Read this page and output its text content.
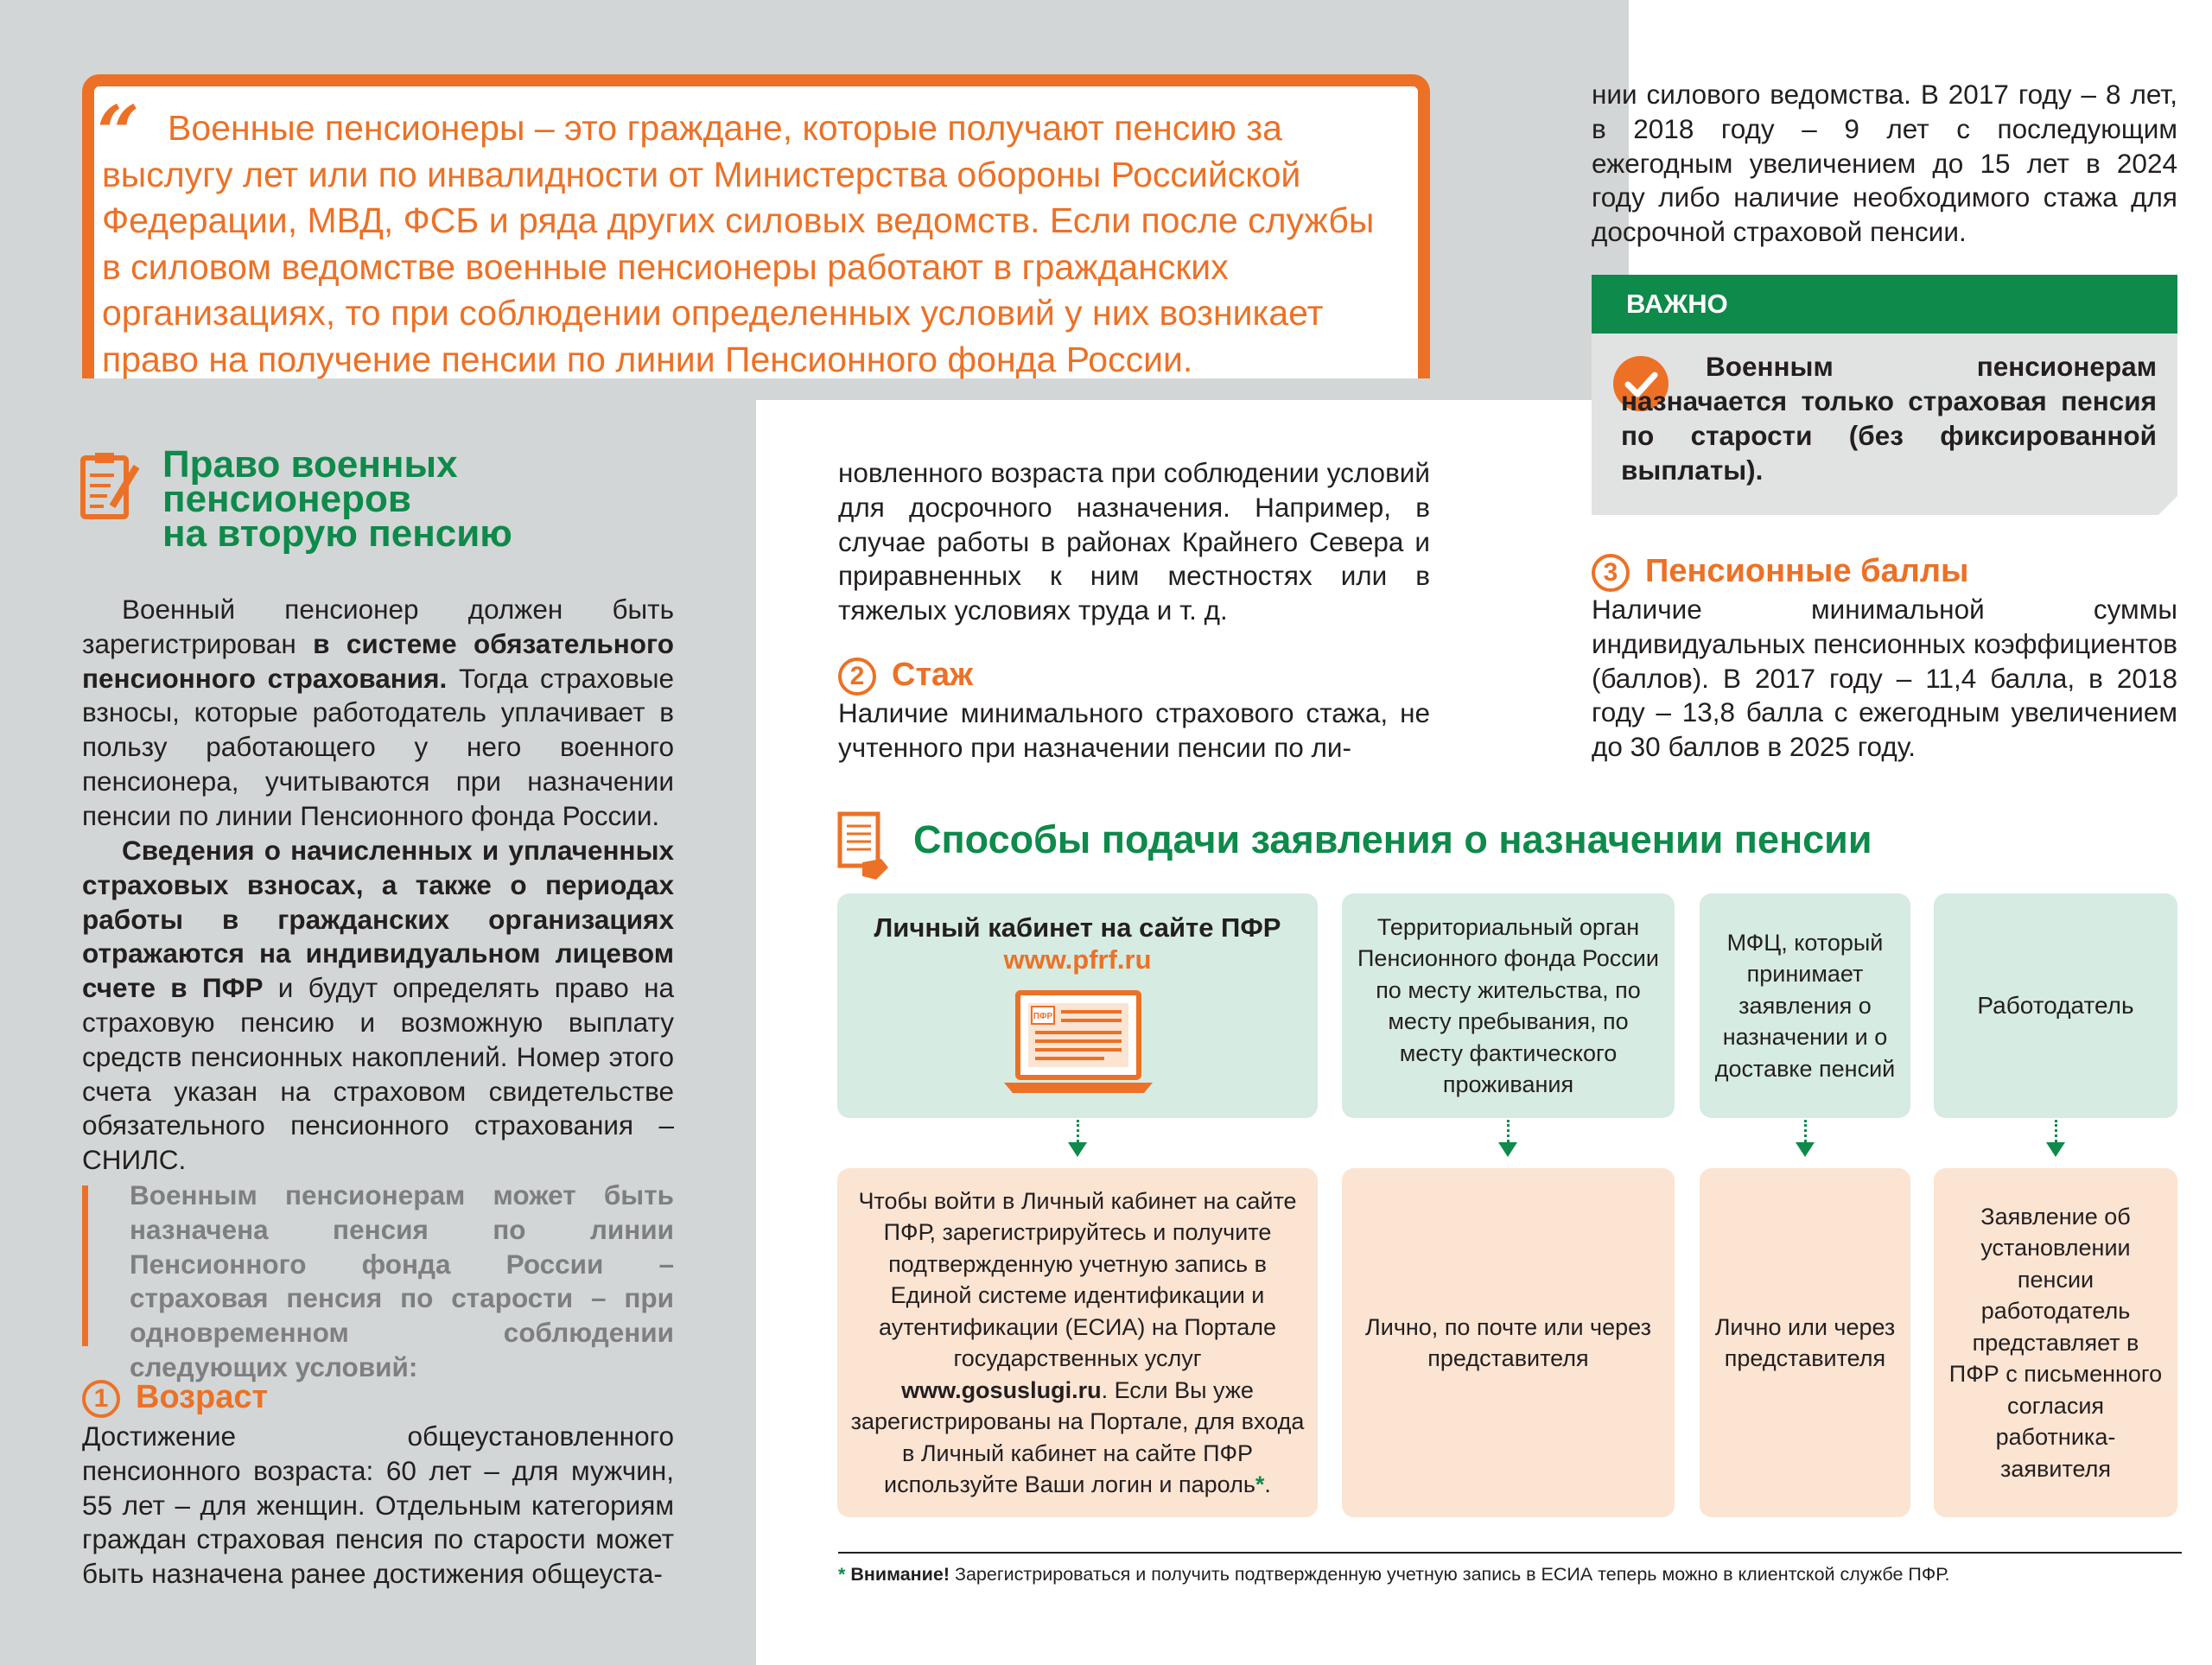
“ Военные пенсионеры – это граждане, которые получают пенсию за выслугу лет или по инвалидности от Министерства обороны Российской Федерации, МВД, ФСБ и ряда других силовых ведомств. Если после службы в силовом ведомстве военные пенсионеры работают в гражданских организациях, то при соблюдении определенных условий у них возникает право на получение пенсии по линии Пенсионного фонда России.
Право военных
пенсионеров
на вторую пенсию
Военный пенсионер должен быть зарегистрирован в системе обязательного пенсионного страхования. Тогда страховые взносы, которые работодатель уплачивает в пользу работающего у него военного пенсионера, учитываются при назначении пенсии по линии Пенсионного фонда России.
Сведения о начисленных и уплаченных страховых взносах, а также о периодах работы в гражданских организациях отражаются на индивидуальном лицевом счете в ПФР и будут определять право на страховую пенсию и возможную выплату средств пенсионных накоплений. Номер этого счета указан на страховом свидетельстве обязательного пенсионного страхования – СНИЛС.
Военным пенсионерам может быть назначена пенсия по линии Пенсионного фонда России – страховая пенсия по старости – при одновременном соблюдении следующих условий:
1 Возраст
Достижение общеустановленного пенсионного возраста: 60 лет – для мужчин, 55 лет – для женщин. Отдельным категориям граждан страховая пенсия по старости может быть назначена ранее достижения общеуста-
новленного возраста при соблюдении условий для досрочного назначения. Например, в случае работы в районах Крайнего Севера и приравненных к ним местностях или в тяжелых условиях труда и т. д.
2 Стаж
Наличие минимального страхового стажа, не учтенного при назначении пенсии по ли-
нии силового ведомства. В 2017 году – 8 лет, в 2018 году – 9 лет с последующим ежегодным увеличением до 15 лет в 2024 году либо наличие необходимого стажа для досрочной страховой пенсии.
ВАЖНО
Военным пенсионерам назначается только страховая пенсия по старости (без фиксированной выплаты).
3 Пенсионные баллы
Наличие минимальной суммы индивидуальных пенсионных коэффициентов (баллов). В 2017 году – 11,4 балла, в 2018 году – 13,8 балла с ежегодным увеличением до 30 баллов в 2025 году.
Способы подачи заявления о назначении пенсии
Личный кабинет на сайте ПФР
www.pfrf.ru
ПФР
Территориальный орган Пенсионного фонда России по месту жительства, по месту пребывания, по месту фактического проживания
МФЦ, который принимает заявления о назначении и о доставке пенсий
Работодатель
Чтобы войти в Личный кабинет на сайте ПФР, зарегистрируйтесь и получите подтвержденную учетную запись в Единой системе идентификации и аутентификации (ЕСИА) на Портале государственных услуг www.gosuslugi.ru. Если Вы уже зарегистрированы на Портале, для входа в Личный кабинет на сайте ПФР используйте Ваши логин и пароль*.
Лично, по почте или через представителя
Лично или через представителя
Заявление об установлении пенсии работодатель представляет в ПФР с письменного согласия работника-заявителя
* Внимание! Зарегистрироваться и получить подтвержденную учетную запись в ЕСИА теперь можно в клиентской службе ПФР.
